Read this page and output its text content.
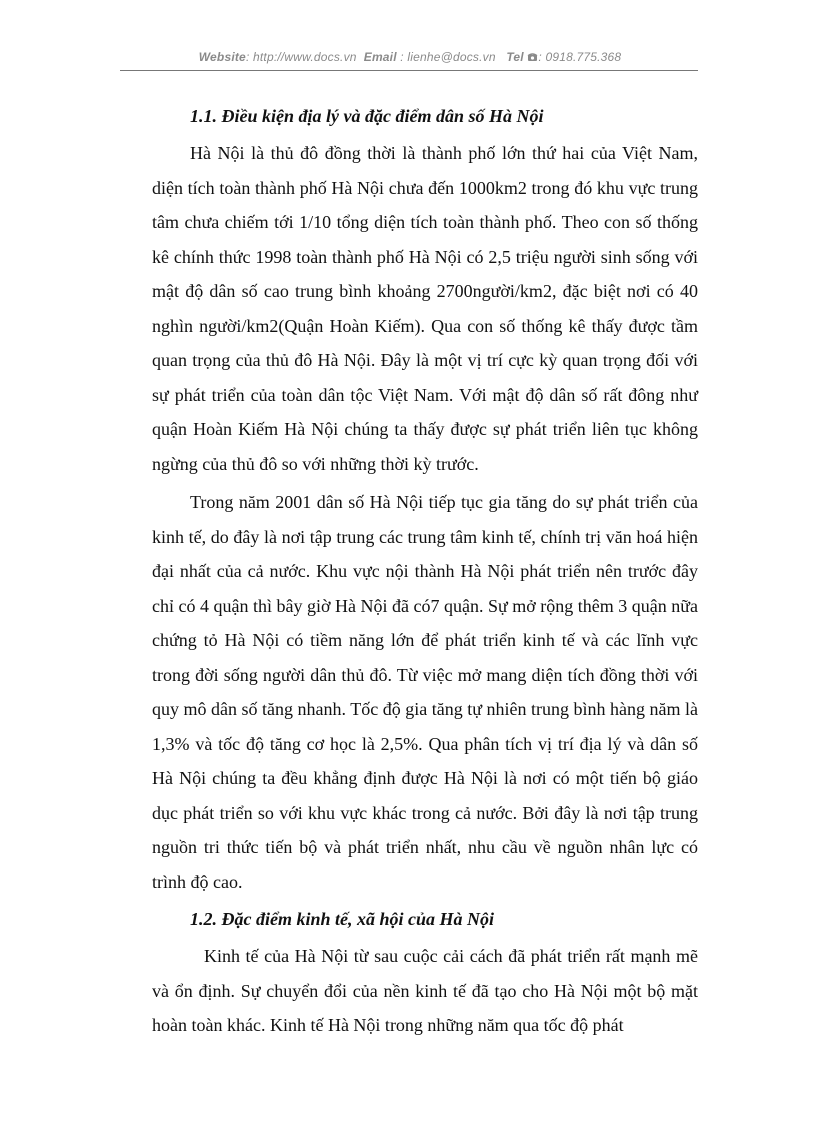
Website: http://www.docs.vn Email : lienhe@docs.vn Tel : 0918.775.368
1.1. Điều kiện địa lý và đặc điểm dân số Hà Nội

Hà Nội là thủ đô đồng thời là thành phố lớn thứ hai của Việt Nam, diện tích toàn thành phố Hà Nội chưa đến 1000km2 trong đó khu vực trung tâm chưa chiếm tới 1/10 tổng diện tích toàn thành phố. Theo con số thống kê chính thức 1998 toàn thành phố Hà Nội có 2,5 triệu người sinh sống với mật độ dân số cao trung bình khoảng 2700người/km2, đặc biệt nơi có 40 nghìn người/km2(Quận Hoàn Kiếm). Qua con số thống kê thấy được tầm quan trọng của thủ đô Hà Nội. Đây là một vị trí cực kỳ quan trọng đối với sự phát triển của toàn dân tộc Việt Nam. Với mật độ dân số rất đông như quận Hoàn Kiếm Hà Nội chúng ta thấy được sự phát triển liên tục không ngừng của thủ đô so với những thời kỳ trước.

Trong năm 2001 dân số Hà Nội tiếp tục gia tăng do sự phát triển của kinh tế, do đây là nơi tập trung các trung tâm kinh tế, chính trị văn hoá hiện đại nhất của cả nước. Khu vực nội thành Hà Nội phát triển nên trước đây chỉ có 4 quận thì bây giờ Hà Nội đã có7 quận. Sự mở rộng thêm 3 quận nữa chứng tỏ Hà Nội có tiềm năng lớn để phát triển kinh tế và các lĩnh vực trong đời sống người dân thủ đô. Từ việc mở mang diện tích đồng thời với quy mô dân số tăng nhanh. Tốc độ gia tăng tự nhiên trung bình hàng năm là 1,3% và tốc độ tăng cơ học là 2,5%. Qua phân tích vị trí địa lý và dân số Hà Nội chúng ta đều khẳng định được Hà Nội là nơi có một tiến bộ giáo dục phát triển so với khu vực khác trong cả nước. Bởi đây là nơi tập trung nguồn tri thức tiến bộ và phát triển nhất, nhu cầu về nguồn nhân lực có trình độ cao.

1.2. Đặc điểm kinh tế, xã hội của Hà Nội

Kinh tế của Hà Nội từ sau cuộc cải cách đã phát triển rất mạnh mẽ và ổn định. Sự chuyển đổi của nền kinh tế đã tạo cho Hà Nội một bộ mặt hoàn toàn khác. Kinh tế Hà Nội trong những năm qua tốc độ phát
